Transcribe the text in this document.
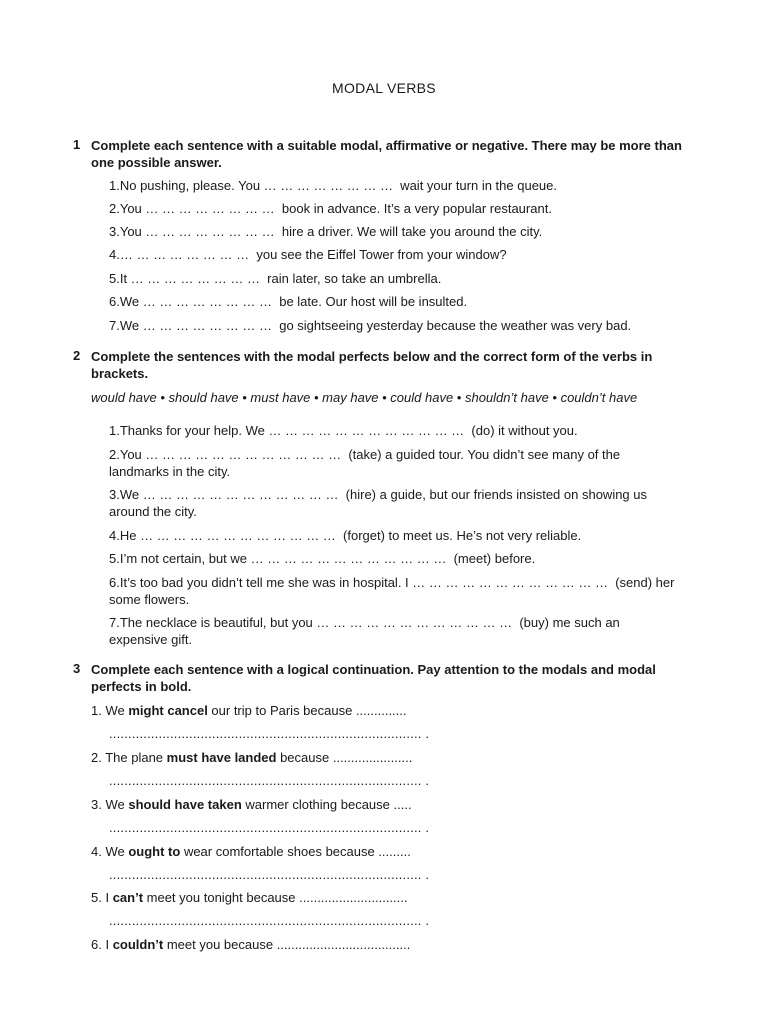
MODAL VERBS
1 Complete each sentence with a suitable modal, affirmative or negative. There may be more than one possible answer.
1.No pushing, please. You … … … … … … … …  wait your turn in the queue.
2.You … … … … … … … …  book in advance. It’s a very popular restaurant.
3.You … … … … … … … …  hire a driver. We will take you around the city.
4.… … … … … … … …  you see the Eiffel Tower from your window?
5.It … … … … … … … …  rain later, so take an umbrella.
6.We … … … … … … … …  be late. Our host will be insulted.
7.We … … … … … … … …  go sightseeing yesterday because the weather was very bad.
2 Complete the sentences with the modal perfects below and the correct form of the verbs in brackets.
would have • should have • must have • may have • could have • shouldn’t have • couldn’t have
1.Thanks for your help. We … … … … … … … … … … … …  (do) it without you.
2.You … … … … … … … … … … … …  (take) a guided tour. You didn’t see many of the landmarks in the city.
3.We … … … … … … … … … … … …  (hire) a guide, but our friends insisted on showing us around the city.
4.He … … … … … … … … … … … …  (forget) to meet us. He’s not very reliable.
5.I’m not certain, but we … … … … … … … … … … … …  (meet) before.
6.It’s too bad you didn’t tell me she was in hospital. I … … … … … … … … … … … …  (send) her some flowers.
7.The necklace is beautiful, but you … … … … … … … … … … … …  (buy) me such an expensive gift.
3 Complete each sentence with a logical continuation. Pay attention to the modals and modal perfects in bold.
1. We might cancel our trip to Paris because ..............
.................................................................................. .
2. The plane must have landed because ......................
.................................................................................. .
3. We should have taken warmer clothing because .....
.................................................................................. .
4. We ought to wear comfortable shoes because .........
.................................................................................. .
5. I can’t meet you tonight because ..............................
.................................................................................. .
6. I couldn’t meet you because .....................................
